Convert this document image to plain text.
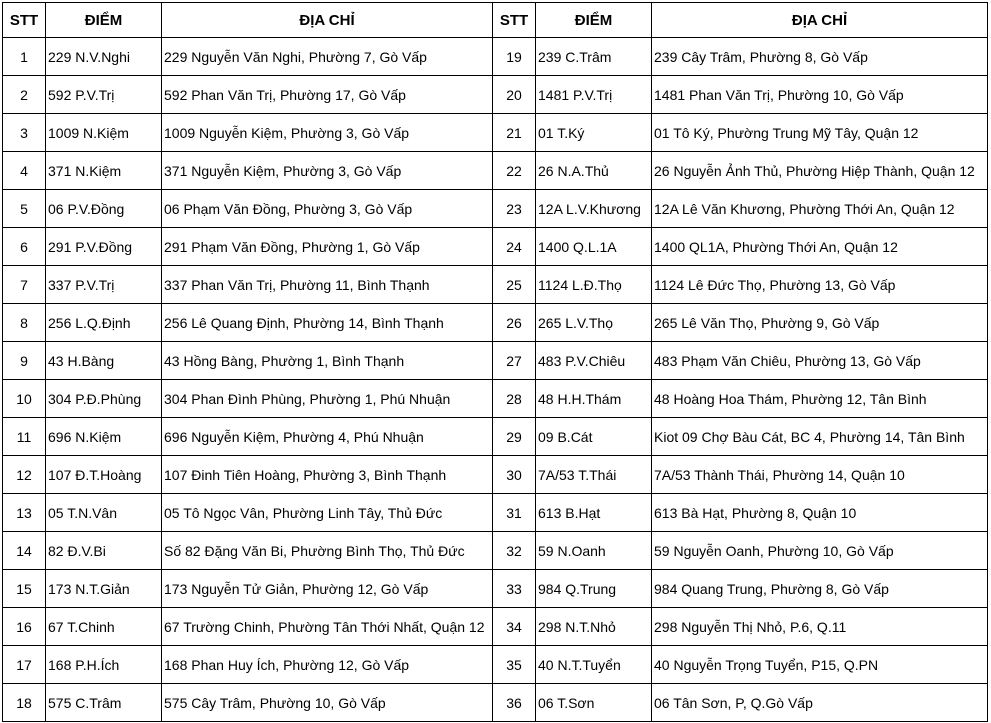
STT	ĐIỂM	ĐỊA CHỈ	STT	ĐIỂM	ĐỊA CHỈ
1	229 N.V.Nghi	229 Nguyễn Văn Nghi, Phường 7, Gò Vấp	19	239 C.Trâm	239 Cây Trâm, Phường 8, Gò Vấp
2	592 P.V.Trị	592 Phan Văn Trị, Phường 17, Gò Vấp	20	1481 P.V.Trị	1481 Phan Văn Trị, Phường 10, Gò Vấp
3	1009 N.Kiệm	1009 Nguyễn Kiệm, Phường 3, Gò Vấp	21	01 T.Ký	01 Tô Ký, Phường Trung Mỹ Tây, Quận 12
4	371 N.Kiệm	371 Nguyễn Kiệm, Phường 3, Gò Vấp	22	26 N.A.Thủ	26 Nguyễn Ảnh Thủ, Phường Hiệp Thành, Quận 12
5	06 P.V.Đồng	06 Phạm Văn Đồng, Phường 3, Gò Vấp	23	12A L.V.Khương	12A Lê Văn Khương, Phường Thới An, Quận 12
6	291 P.V.Đồng	291 Phạm Văn Đồng, Phường 1, Gò Vấp	24	1400 Q.L.1A	1400 QL1A, Phường Thới An, Quận 12
7	337 P.V.Trị	337 Phan Văn Trị, Phường 11, Bình Thạnh	25	1124 L.Đ.Thọ	1124 Lê Đức Thọ, Phường 13, Gò Vấp
8	256 L.Q.Định	256 Lê Quang Định, Phường 14, Bình Thạnh	26	265 L.V.Thọ	265 Lê Văn Thọ, Phường 9, Gò Vấp
9	43 H.Bàng	43 Hồng Bàng, Phường 1, Bình Thạnh	27	483 P.V.Chiêu	483 Phạm Văn Chiêu, Phường 13, Gò Vấp
10	304 P.Đ.Phùng	304 Phan Đình Phùng, Phường 1, Phú Nhuận	28	48 H.H.Thám	48 Hoàng Hoa Thám, Phường 12, Tân Bình
11	696 N.Kiệm	696 Nguyễn Kiệm, Phường 4, Phú Nhuận	29	09 B.Cát	Kiot 09 Chợ Bàu Cát, BC 4, Phường 14, Tân Bình
12	107 Đ.T.Hoàng	107 Đinh Tiên Hoàng, Phường 3, Bình Thạnh	30	7A/53 T.Thái	7A/53 Thành Thái, Phường 14, Quận 10
13	05 T.N.Vân	05 Tô Ngọc Vân, Phường Linh Tây, Thủ Đức	31	613 B.Hạt	613 Bà Hạt, Phường 8, Quận 10
14	82 Đ.V.Bi	Số 82 Đặng Văn Bi, Phường Bình Thọ, Thủ Đức	32	59 N.Oanh	59 Nguyễn Oanh, Phường 10, Gò Vấp
15	173 N.T.Giản	173 Nguyễn Tử Giản, Phường 12, Gò Vấp	33	984 Q.Trung	984 Quang Trung, Phường 8, Gò Vấp
16	67 T.Chinh	67 Trường Chinh, Phường Tân Thới Nhất, Quận 12	34	298 N.T.Nhỏ	298 Nguyễn Thị Nhỏ, P.6, Q.11
17	168 P.H.Ích	168 Phan Huy Ích, Phường 12, Gò Vấp	35	40 N.T.Tuyển	40 Nguyễn Trọng Tuyển, P15, Q.PN
18	575 C.Trâm	575 Cây Trâm, Phường 10, Gò Vấp	36	06 T.Sơn	06 Tân Sơn, P, Q.Gò Vấp
